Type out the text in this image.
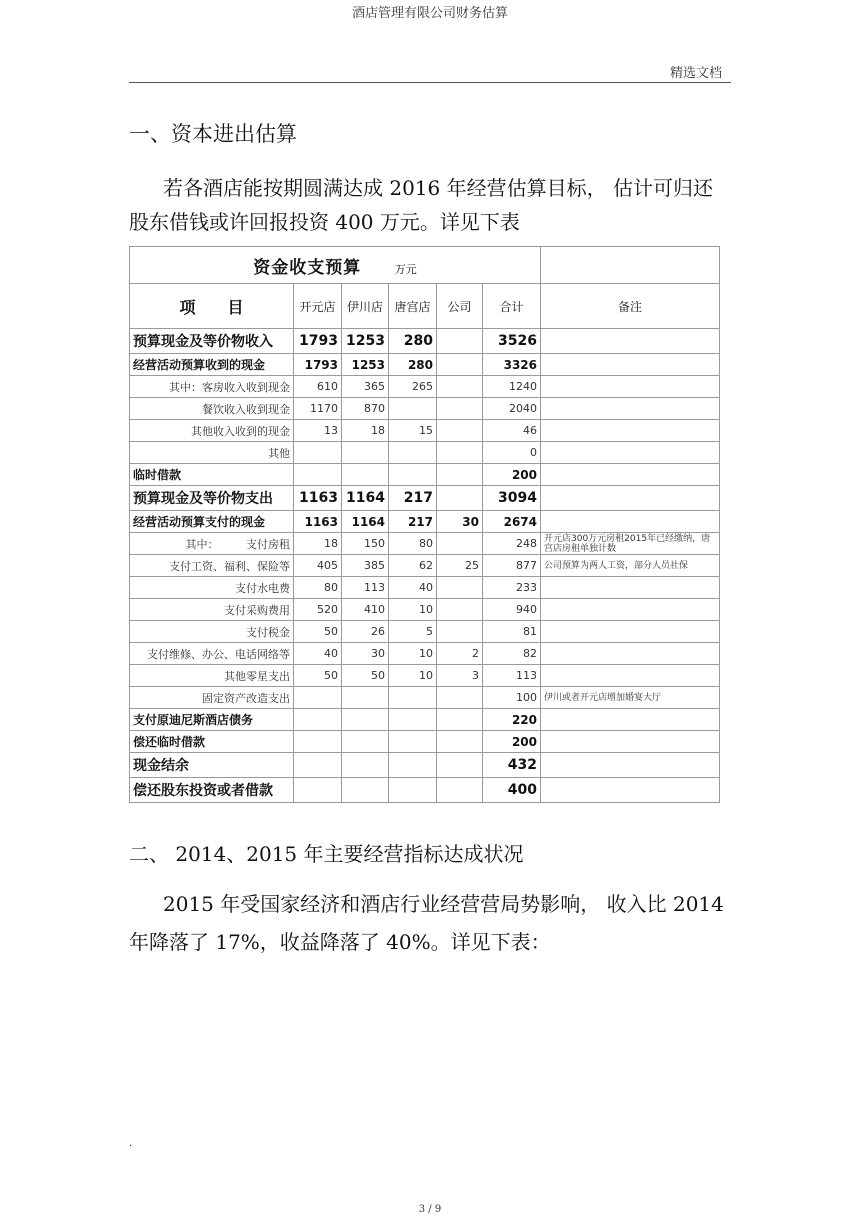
酒店管理有限公司财务估算
精选文档
一、资本进出估算
若各酒店能按期圆满达成 2016 年经营估算目标， 估计可归还
股东借钱或许回报投资 400 万元。详见下表
资金收支预算 万元						
项　　目	开元店	伊川店	唐宫店	公司	合计	备注
预算现金及等价物收入	1793	1253	280		3526	
经营活动预算收到的现金	1793	1253	280		3326	
其中：客房收入收到现金	610	365	265		1240	
餐饮收入收到现金	1170	870			2040	
其他收入收到的现金	13	18	15		46	
其他					0	
临时借款					200	
预算现金及等价物支出	1163	1164	217		3094	
经营活动预算支付的现金	1163	1164	217	30	2674	
其中：　　　支付房租	18	150	80		248	开元店300万元房租2015年已经缴纳，唐宫店房租单独计数
支付工资、福利、保险等	405	385	62	25	877	公司预算为两人工资，部分人员社保
支付水电费	80	113	40		233	
支付采购费用	520	410	10		940	
支付税金	50	26	5		81	
支付维修、办公、电话网络等	40	30	10	2	82	
其他零星支出	50	50	10	3	113	
固定资产改造支出					100	伊川或者开元店增加婚宴大厅
支付原迪尼斯酒店债务					220	
偿还临时借款					200	
现金结余					432	
偿还股东投资或者借款					400	
二、 2014、2015 年主要经营指标达成状况
2015 年受国家经济和酒店行业经营营局势影响， 收入比 2014
年降落了 17%，收益降落了 40%。详见下表：
.
3 / 9
